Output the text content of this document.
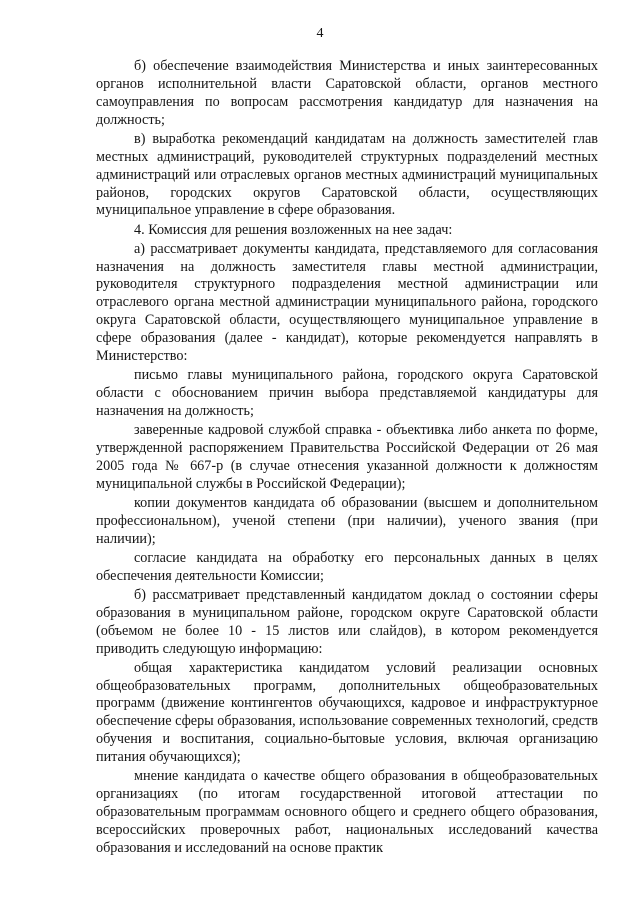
4

б) обеспечение взаимодействия Министерства и иных заинтересованных органов исполнительной власти Саратовской области, органов местного самоуправления по вопросам рассмотрения кандидатур для назначения на должность;

в) выработка рекомендаций кандидатам на должность заместителей глав местных администраций, руководителей структурных подразделений местных администраций или отраслевых органов местных администраций муниципальных районов, городских округов Саратовской области, осуществляющих муниципальное управление в сфере образования.

4. Комиссия для решения возложенных на нее задач:

а) рассматривает документы кандидата, представляемого для согласования назначения на должность заместителя главы местной администрации, руководителя структурного подразделения местной администрации или отраслевого органа местной администрации муниципального района, городского округа Саратовской области, осуществляющего муниципальное управление в сфере образования (далее - кандидат), которые рекомендуется направлять в Министерство:

письмо главы муниципального района, городского округа Саратовской области с обоснованием причин выбора представляемой кандидатуры для назначения на должность;

заверенные кадровой службой справка - объективка либо анкета по форме, утвержденной распоряжением Правительства Российской Федерации от 26 мая 2005 года № 667-р (в случае отнесения указанной должности к должностям муниципальной службы в Российской Федерации);

копии документов кандидата об образовании (высшем и дополнительном профессиональном), ученой степени (при наличии), ученого звания (при наличии);

согласие кандидата на обработку его персональных данных в целях обеспечения деятельности Комиссии;

б) рассматривает представленный кандидатом доклад о состоянии сферы образования в муниципальном районе, городском округе Саратовской области (объемом не более 10 - 15 листов или слайдов), в котором рекомендуется приводить следующую информацию:

общая характеристика кандидатом условий реализации основных общеобразовательных программ, дополнительных общеобразовательных программ (движение контингентов обучающихся, кадровое и инфраструктурное обеспечение сферы образования, использование современных технологий, средств обучения и воспитания, социально-бытовые условия, включая организацию питания обучающихся);

мнение кандидата о качестве общего образования в общеобразовательных организациях (по итогам государственной итоговой аттестации по образовательным программам основного общего и среднего общего образования, всероссийских проверочных работ, национальных исследований качества образования и исследований на основе практик
